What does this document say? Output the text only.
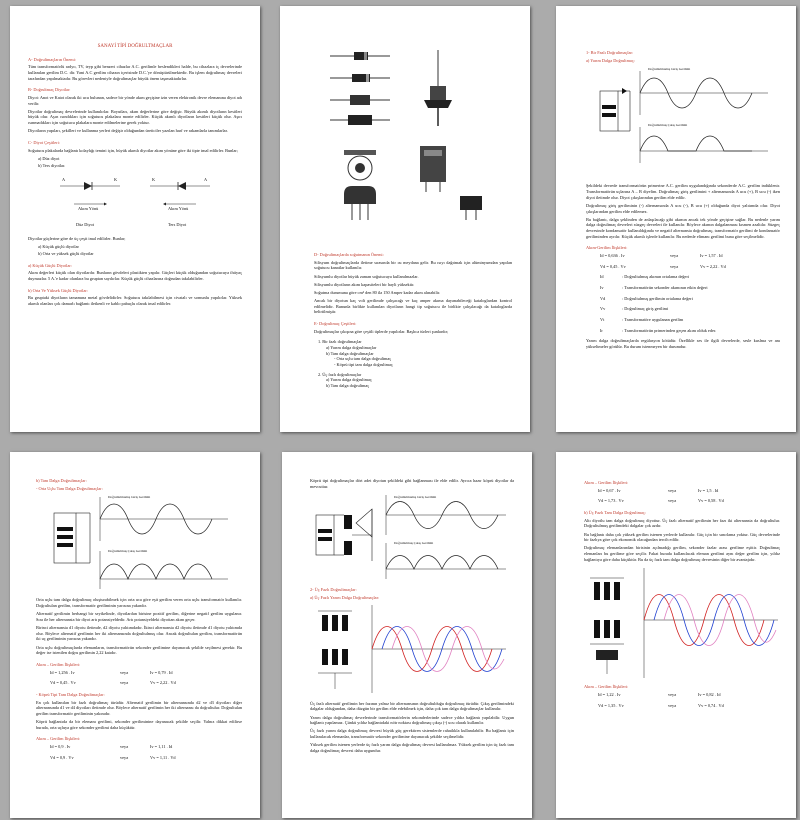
SANAYİ TİPİ DOĞRULTMAÇLAR
A- Doğrultmaçların Önemi:

Tüm transformatörlü radyo, TV, teyp gibi benzeri cihazlar A.C. gerilimle beslendikleri halde, bu cihazlara iç devrelerinde kullanılan gerilim D.C. dir. Yani A.C gerilim cihazın içerisinde D.C.'ye dönüştürülmektedir. Bu işlem doğrultmaç devreleri tarafından yapılmaktadır. Bu görevleri nedeniyle doğrultmaçlar büyük önem taşımaktadırlar.

B- Doğrultmaç Diyotlar:

Diyot: Anot ve Katot olarak iki ucu bulunan, sadece bir yönde akım geçişine izin veren elektronik devre elemanına diyot adı verilir.

Diyotlar doğrultmaç devrelerinde kullanılırlar. Boyutları, akım değerlerine göre değişir. Büyük akımlı diyotların kesitleri büyük olur. Aşırı ısındıkları için soğutucu plakalara monte edilirler. Küçük akımlı diyotların kesitleri küçük olur. Aşırı ısınmadıkları için soğutucu plakalara monte edilmelerine gerek yoktur.

Diyotların yapıları, şekilleri ve kullanma yerleri değişir olduğundan üreticiler yazılan harf ve rakamlarla tanımlarlar.

C- Diyot Çeşitleri:

Soğutucu plakalarda bağlantı kolaylığı temini için, büyük akımlı diyotlar akım yönüne göre iki tipte imal edilirler. Bunlar;

a) Düz diyot
b) Ters diyotlar.
A	K
Akım Yönü
K	A
Akım Yönü
Düz Diyot	Ters Diyot

Diyotlar güçlerine göre de üç çeşit imal edilirler. Bunlar;

a) Küçük güçlü diyotlar
b) Orta ve yüksek güçlü diyotlar
a) Küçük Güçlü Diyotlar:

Akım değerleri küçük olan diyotlardır. Bunların gövdeleri plastikten yapılır. Güçleri küçük olduğundan soğutucuya ihtiyaç duymazlar. 5 A.'e kadar olanlara bu gruptan sayılırlar. Küçük güçlü cihazlarına doğrudan takılabilirler.

b) Orta Ve Yüksek Güçlü Diyotlar:

Bu gruptaki diyotların tamamına metal gövdelidirler. Soğutucu takılabilmesi için civatalı ve somunlu yapılırlar. Yüksek akımlı olanları çok damarlı bağlantı iletkenli ve kablo pabuçlu olarak imal edilirler.

D- Doğrultmaçlarda soğutmanın Önemi:

Silisyum doğrultmaçlarda iletime sırasında bir ısı meydana gelir. Bu ısıyı dağıtmak için alüminyumdan yapılan soğutucu kanatlar kullanılır.

Silisyumlu diyotlar büyük zaman soğutucuya kullanılmazlar.

Silisyumlu diyotların akım kapasiteleri bir hayli yüksektir.

Soğutma durumuna göre cm² den 80 ila 150 Amper kadar akım alınabilir.

Ancak bir diyotun kaç volt gerilimde çalışacağı ve kaç amper akıma dayanabileceği kataloglardan kontrol edilmelidir. Bununla birlikte kullanılan diyotların hangi tip soğutucu ile birlikte çalışılacağı da kataloglarda belirtilmiştir.

E- Doğrultmaç Çeşitleri:

Doğrultmaçlar çıkışına göre çeşitli tiplerde yapılırlar. Başlıca türleri şunlardır;

1. Bir fazlı doğrultmaçlar
a) Yarım dalga doğrultmaçlar
b) Tam dalga doğrultmaçlar
- Orta uçlu tam dalga doğrultmaç
- Köprü tipi tam dalga doğrultmaç
2. Üç fazlı doğrultmaçlar
a) Yarım dalga doğrultmaç
b) Tam dalga doğrultmaç
1- Bir Fazlı Doğrultmaçlar:
a) Yarım Dalga Doğrultmaç:
Doğrultulmamış Giriş Gerilimi
Doğrultulmuş Çıkış Gerilimi

Şekildeki devrede transformatörün primerine A.C. gerilim uygulandığında sekonderde A.C. gerilim indüklenir. Transformatörün uçlarına A – B diyelim. Doğrultmaç giriş gerilimini + alternansında A ucu (+), B ucu (-) iken diyot iletimde olur. Diyot çıkışlarından gerilim elde edilir.

Doğrultmaç giriş geriliminin (-) alternansında A ucu (-), B ucu (+) olduğunda diyot yalıtımda olur. Diyot çıkışlarından gerilim elde edilemez.

Bu bağlantı, dalga şeklinden de anlaşılacağı gibi akımın ancak tek yönde geçişine sağlar. Bu nedenle yarım dalga doğrultmaç devreleri süzgeç devreleri ile kullanılır. Böylece akımın dalgalanması kısmen azaltılır. Süzgeç devresinde kondansatör kullanıldığında ve negatif alternansta doğrultmaç, transformatör gerilimi de kondansatör geriliminden ayrılır. Küçük akımlı işlerde kullanılır. Bu nedenle elimanı gerilimi buna göre seçilmelidir.

Akım-Gerilim İlişkileri:
Id = 0,636 . Iv	veya	Iv = 1,57 . Id
Vd = 0,45 . Vv	veya	Vv = 2,22 . Vd
Id	: Doğrultulmuş akımın ortalama değeri
Iv	: Transformatörün sekonder akımının etkin değeri
Vd	: Doğrultulmuş gerilimin ortalama değeri
Vv	: Doğrultmaç giriş gerilimi
Vt	: Transformatöre uygulanan gerilim
Ir	: Transformatörün primerinden geçen akım olduk eder.

Yarım dalga doğrultmaçlarda regülasyon kötüdür. Özellikle ses ile ilgili devrelerde, sesle kuslma ve anı yükseltmeler görülür. Bu durum istenmeyen bir durumdur.

b) Tam Dalga Doğrultmaçlar:
- Orta Uçlu Tam Dalga Doğrultmaçlar:
Doğrultulmamış Giriş Gerilimi
Doğrultulmuş Çıkış Gerilimi

Orta uçlu tam dalga doğrultmaç oluşturabilmek için orta uca göre eşit gerilim veren orta uçlu transformatör kullanılır. Doğrultulan gerilim, transformatör geriliminin yarısına yakındır.

Alternatif gerilimin herhangi bir seyikelinde, diyotlardan birisine pozitif gerilim, diğerine negatif gerilim uygulanır. Sıra ile her alternansta bir diyot artı potansiyeldedir. Artı potansiyeldeki diyottan akım geçer.

Birinci alternansta d1 diyotu iletimde, d2 diyotu yalıtımdadır. İkinci alternansta d2 diyotu iletimde d1 diyotu yalıtımda olur. Böylece alternatif gerilimin her iki alternansında doğrultulmuş olur. Ancak doğrultulan gerilim, transformatörün iki uç geriliminin yarısına yakındır.

Orta uçlu doğrultmaçlarda elemanların, transformatörün sekonder gerilimine dayanacak şekilde seçilmesi gerekir. Bu değer ise istenilen doğru gerilimin 2,22 katıdır.

Akım – Gerilim İlişkileri:
Id = 1,256 . Iv	veya	Iv = 0,79 . Id
Vd = 0,45 . Vv	veya	Vv = 2,22 . Vd
- Köprü Tipi Tam Dalga Doğrultmaçlar:

En çok kullanılan bir fazlı doğrultmaç türüdür. Alternatif gerilimin bir alternansında d2 ve d3 diyotları diğer alternansında d1 ve d4 diyotları iletimde olur. Böylece alternatif gerilimin her iki alternansı da doğrultulur. Doğrultulan gerilim transformatör geriliminin yakınıdır.

Köprü bağlantıda da bir elemanı gerilimi, sekonder geriliminine dayanacak şekilde seçilir. Yalnız dikkat edilirse burada, orta uçluya göre sekonder gerilimi daha küçüktür.

Akım – Gerilim İlişkileri:
Id = 0,9 . Iv	veya	Iv = 1,11 . Id
Vd = 0,9 . Vv	veya	Vv = 1,11 . Vd

Köprü tipi doğrultmaçlar dört adet diyotun şekildeki gibi bağlanması ile elde edilir. Ayrıca hazır köprü diyotlar da mevcuttur.

Doğrultulmamış Giriş Gerilimi
Doğrultulmuş Çıkış Gerilimi
2- Üç Fazlı Doğrultmaçlar:
a) Üç Fazlı Yarım Dalga Doğrultmaçlar:

Üç fazlı alternatif gerilimin her fazının yalnız bir alternansının doğrultulduğu doğrultmaç türüdür. Çıkış gerilimindeki dalgalar olduğundan, daha düzgün bir gerilim elde edebilmek için, daha çok tam dalga doğrultmaçlar kullanılır.

Yarım dalga doğrultmaç devrelerinde transformatörlerin sekonderlerinde sadece yıldız bağlantı yapılabilir. Uygun bağlantı yapılamaz. Çünkü yıldız bağlantıdaki nötr noktası doğrultmaç çıkışı (-) ucu olarak kullanılır.

Üç fazlı yarım dalga doğrultmaç devresi büyük güç gerektiren sistemlerde rahatlıkla kullanılabilir. Bu bağlantı için kullanılacak elemanlar, transformatör sekonder gerilimine dayanacak şekilde seçilmelidir.

Yüksek gerilim istenen yerlerde üç fazlı yarım dalga doğrultmaç devresi kullanılmaz. Yüksek gerilim için üç fazlı tam dalga doğrultmaç devresi daha uygundur.

Akım – Gerilim İlişkileri:
Id = 0,67 . Iv	veya	Iv = 1,5 . Id
Vd = 1,73 . Vv	veya	Vv = 0,58 . Vd
b) Üç Fazlı Tam Dalga Doğrultmaç:

Altı diyotlu tam dalga doğrultmaç diyottur. Üç fazlı alternatif gerilimin her fazı iki alternansta da doğrultulur. Doğrultulmuş gerilimdeki dalgalar çok azdır.

Bu bağlantı daha çok yüksek gerilim istenen yerlerde kullanılır. Güç için bir sınırlama yoktur. Güç devrelerinde bir fazlıya göre çok ekonomik olacağından tercih edilir.

Doğrultmaç elemanlarından birisinin açılmadığı gerilim, sekonder fazlar arası gerilime eşittir. Doğrultmaç elemanları bu gerilime göre seçilir. Fakat burada kullanılacak eleman gerilimi aynı değer gerilim için, yıldız bağlantıya göre daha küçüktür. Bu da üç fazlı tam dalga doğrultmaç devresinin diğer bir avantajıdır.

Akım – Gerilim İlişkileri:
Id = 1,22 . Iv	veya	Iv = 0,82 . Id
Vd = 1,35 . Vv	veya	Vv = 0,74 . Vd
